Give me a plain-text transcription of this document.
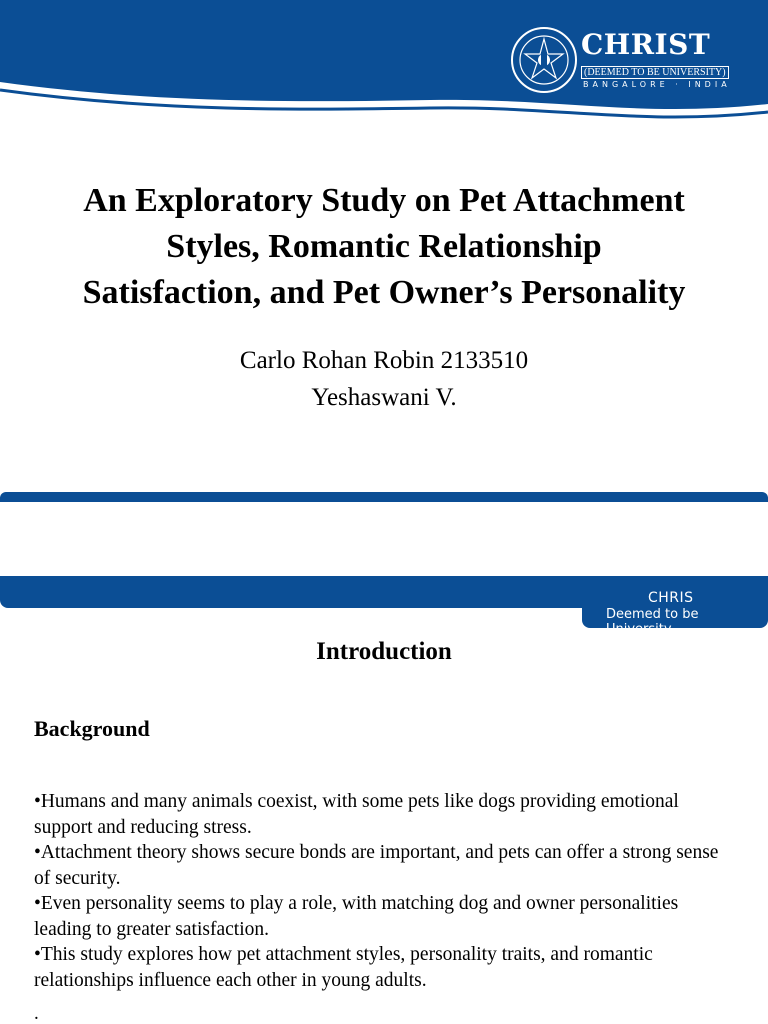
CHRIST
(DEEMED TO BE UNIVERSITY)
BANGALORE · INDIA
An Exploratory Study on Pet Attachment
Styles, Romantic Relationship
Satisfaction, and Pet Owner’s Personality
Carlo Rohan Robin 2133510
Yeshaswani V.
CHRIS
Deemed to be University
Introduction
Background
•Humans and many animals coexist, with some pets like dogs providing emotional support and reducing stress.
•Attachment theory shows secure bonds are important, and pets can offer a strong sense of security.
•Even personality seems to play a role, with matching dog and owner personalities leading to greater satisfaction.
•This study explores how pet attachment styles, personality traits, and romantic relationships influence each other in young adults.
.
